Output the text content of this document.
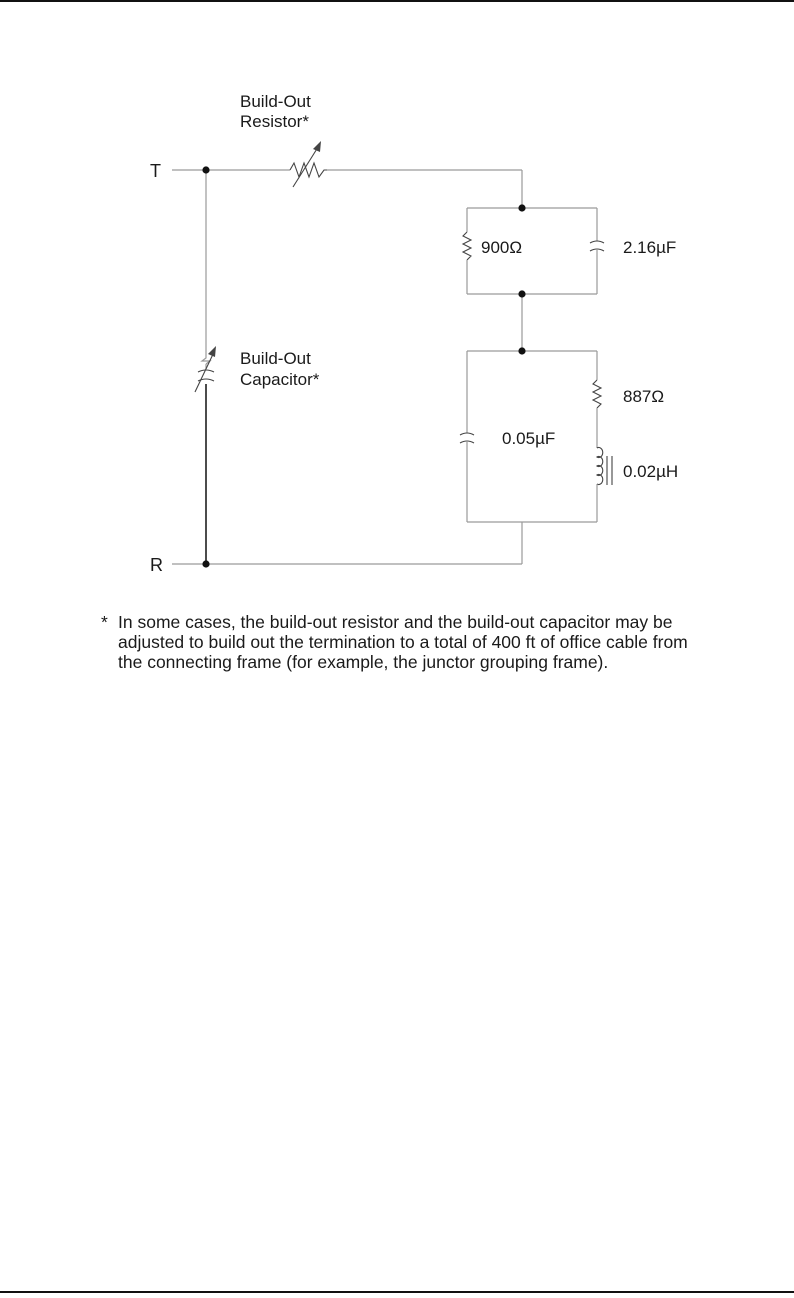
T
R
Build-Out Resistor*
Build-Out Capacitor*
900Ω	2.16µF
0.05µF
887Ω
0.02µH

* In some cases, the build-out resistor and the build-out capacitor may be adjusted to build out the termination to a total of 400 ft of office cable from the connecting frame (for example, the junctor grouping frame).
